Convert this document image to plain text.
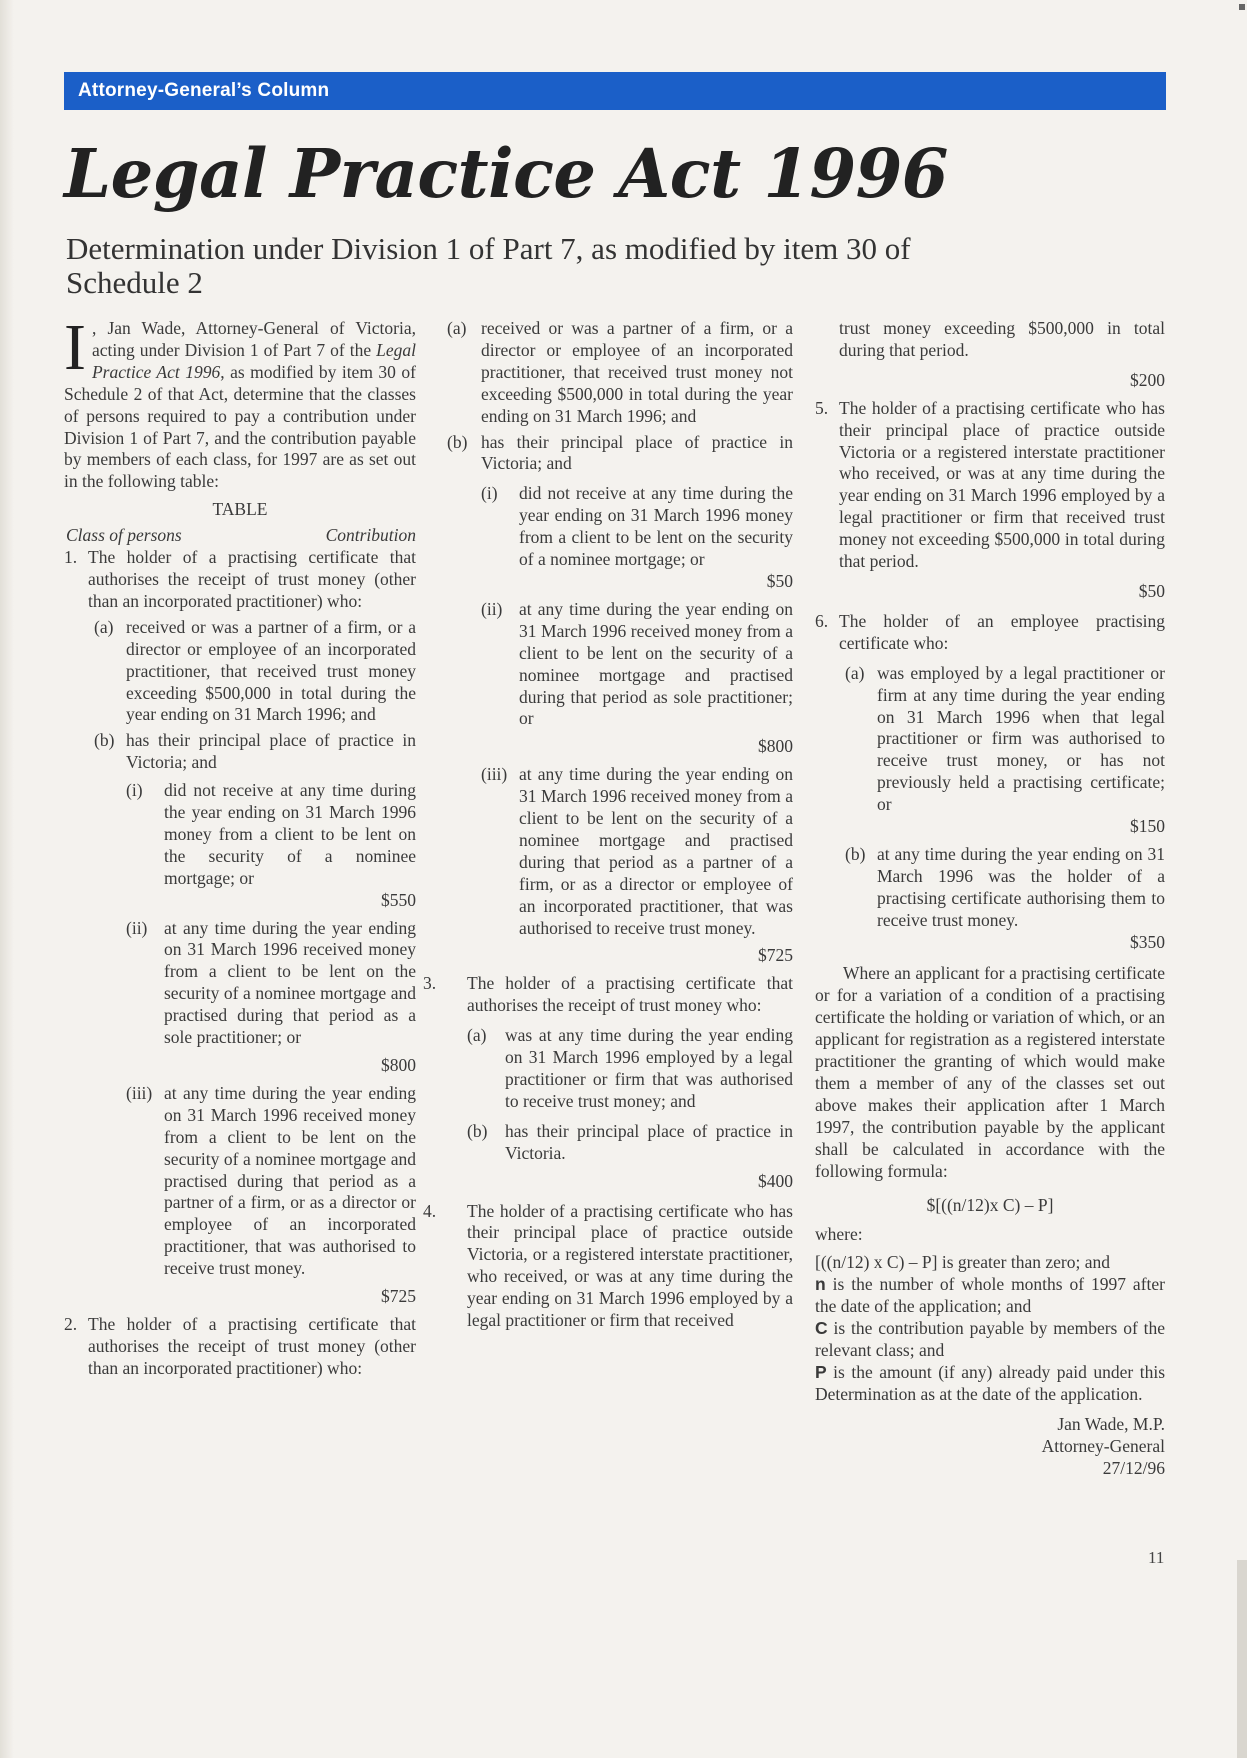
Attorney-General’s Column
Legal Practice Act 1996
Determination under Division 1 of Part 7, as modified by item 30 of Schedule 2

I , Jan Wade, Attorney-General of Victoria, acting under Division 1 of Part 7 of the Legal Practice Act 1996, as modified by item 30 of Schedule 2 of that Act, determine that the classes of persons required to pay a contribution under Division 1 of Part 7, and the contribution payable by members of each class, for 1997 are as set out in the following table:

TABLE
Class of persons	Contribution
1. The holder of a practising certificate that authorises the receipt of trust money (other than an incorporated practitioner) who:
(a) received or was a partner of a firm, or a director or employee of an incorporated practitioner, that received trust money exceeding $500,000 in total during the year ending on 31 March 1996; and
(b) has their principal place of practice in Victoria; and
(i) did not receive at any time during the year ending on 31 March 1996 money from a client to be lent on the security of a nominee mortgage; or
$550
(ii) at any time during the year ending on 31 March 1996 received money from a client to be lent on the security of a nominee mortgage and practised during that period as a sole practitioner; or
$800
(iii) at any time during the year ending on 31 March 1996 received money from a client to be lent on the security of a nominee mortgage and practised during that period as a partner of a firm, or as a director or employee of an incorporated practitioner, that was authorised to receive trust money.
$725
2. The holder of a practising certificate that authorises the receipt of trust money (other than an incorporated practitioner) who:
(a) received or was a partner of a firm, or a director or employee of an incorporated practitioner, that received trust money not exceeding $500,000 in total during the year ending on 31 March 1996; and
(b) has their principal place of practice in Victoria; and
(i) did not receive at any time during the year ending on 31 March 1996 money from a client to be lent on the security of a nominee mortgage; or
$50
(ii) at any time during the year ending on 31 March 1996 received money from a client to be lent on the security of a nominee mortgage and practised during that period as sole practitioner; or
$800
(iii) at any time during the year ending on 31 March 1996 received money from a client to be lent on the security of a nominee mortgage and practised during that period as a partner of a firm, or as a director or employee of an incorporated practitioner, that was authorised to receive trust money.
$725
3. The holder of a practising certificate that authorises the receipt of trust money who:
(a) was at any time during the year ending on 31 March 1996 employed by a legal practitioner or firm that was authorised to receive trust money; and
(b) has their principal place of practice in Victoria.
$400
4. The holder of a practising certificate who has their principal place of practice outside Victoria, or a registered interstate practitioner, who received, or was at any time during the year ending on 31 March 1996 employed by a legal practitioner or firm that received
trust money exceeding $500,000 in total during that period.
$200
5. The holder of a practising certificate who has their principal place of practice outside Victoria or a registered interstate practitioner who received, or was at any time during the year ending on 31 March 1996 employed by a legal practitioner or firm that received trust money not exceeding $500,000 in total during that period.
$50
6. The holder of an employee practising certificate who:
(a) was employed by a legal practitioner or firm at any time during the year ending on 31 March 1996 when that legal practitioner or firm was authorised to receive trust money, or has not previously held a practising certificate; or
$150
(b) at any time during the year ending on 31 March 1996 was the holder of a practising certificate authorising them to receive trust money.
$350

Where an applicant for a practising certificate or for a variation of a condition of a practising certificate the holding or variation of which, or an applicant for registration as a registered interstate practitioner the granting of which would make them a member of any of the classes set out above makes their application after 1 March 1997, the contribution payable by the applicant shall be calculated in accordance with the following formula:

$[((n/12)x C) – P]

where:

[((n/12) x C) – P] is greater than zero; and

n is the number of whole months of 1997 after the date of the application; and

C is the contribution payable by members of the relevant class; and

P is the amount (if any) already paid under this Determination as at the date of the application.

Jan Wade, M.P.
Attorney-General
27/12/96
11
